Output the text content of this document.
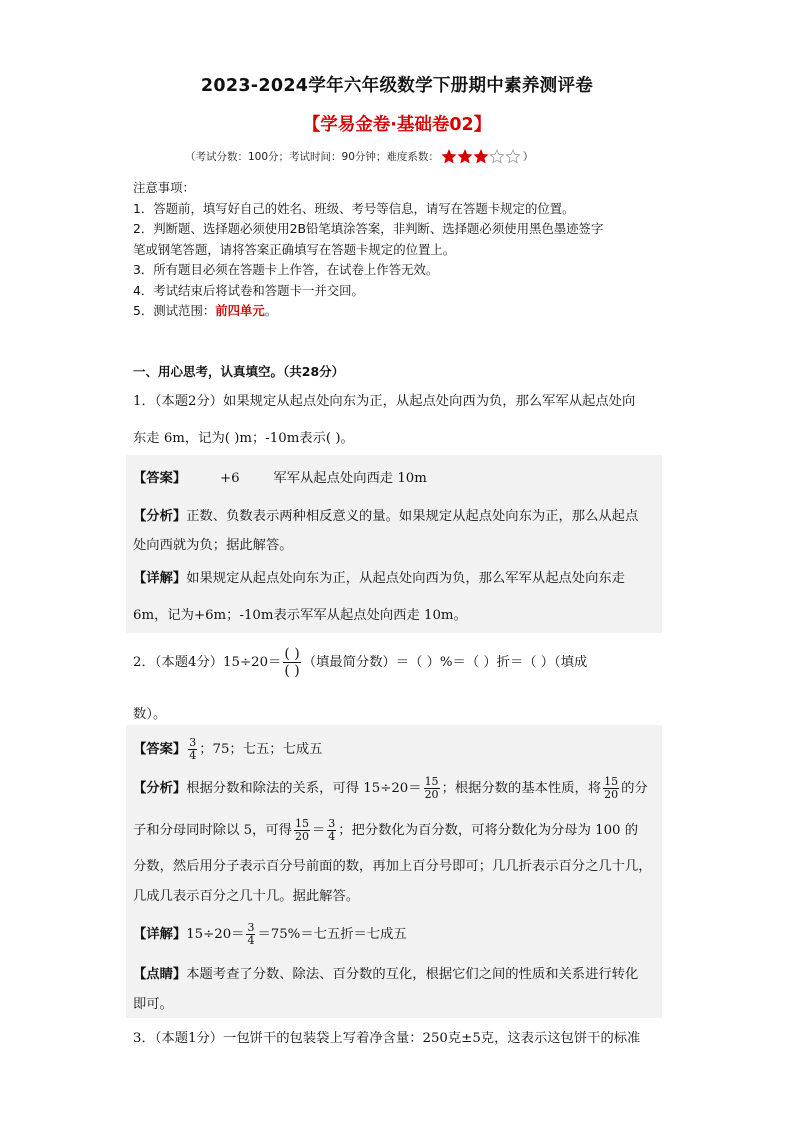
2023-2024学年六年级数学下册期中素养测评卷
【学易金卷·基础卷02】
（考试分数：100分；考试时间：90分钟；难度系数：	）
注意事项：
1．答题前，填写好自己的姓名、班级、考号等信息，请写在答题卡规定的位置。
2．判断题、选择题必须使用2B铅笔填涂答案，非判断、选择题必须使用黑色墨迹签字
笔或钢笔答题，请将答案正确填写在答题卡规定的位置上。
3．所有题目必须在答题卡上作答，在试卷上作答无效。
4．考试结束后将试卷和答题卡一并交回。
5．测试范围：前四单元。
一、用心思考，认真填空。（共28分）
1．（本题2分）如果规定从起点处向东为正，从起点处向西为负，那么军军从起点处向
东走 6m，记为( )m；-10m表示( )。
【答案】        +6        军军从起点处向西走 10m
【分析】正数、负数表示两种相反意义的量。如果规定从起点处向东为正，那么从起点
处向西就为负；据此解答。
【详解】如果规定从起点处向东为正，从起点处向西为负，那么军军从起点处向东走
6m，记为+6m；-10m表示军军从起点处向西走 10m。
2．（本题4分）$15\div 20= \frac{( )}{( )}$ （填最简分数）＝（ ）%＝（ ）折＝（ ）（填成
数）。
【答案】 $\frac{3}{4}$ ；75；七五；七成五
【分析】根据分数和除法的关系，可得 $15\div 20= \frac{15}{20}$ ；根据分数的基本性质，将 $\frac{15}{20}$ 的分
子和分母同时除以 5，可得 $\frac{15}{20} = \frac{3}{4}$ ；把分数化为百分数，可将分数化为分母为 100 的
分数，然后用分子表示百分号前面的数，再加上百分号即可；几几折表示百分之几十几，
几成几表示百分之几十几。据此解答。
【详解】$15\div 20= \frac{3}{4} =75\%=$七五折＝七成五
【点睛】本题考查了分数、除法、百分数的互化，根据它们之间的性质和关系进行转化
即可。
3．（本题1分）一包饼干的包装袋上写着净含量：250克±5克，这表示这包饼干的标准
